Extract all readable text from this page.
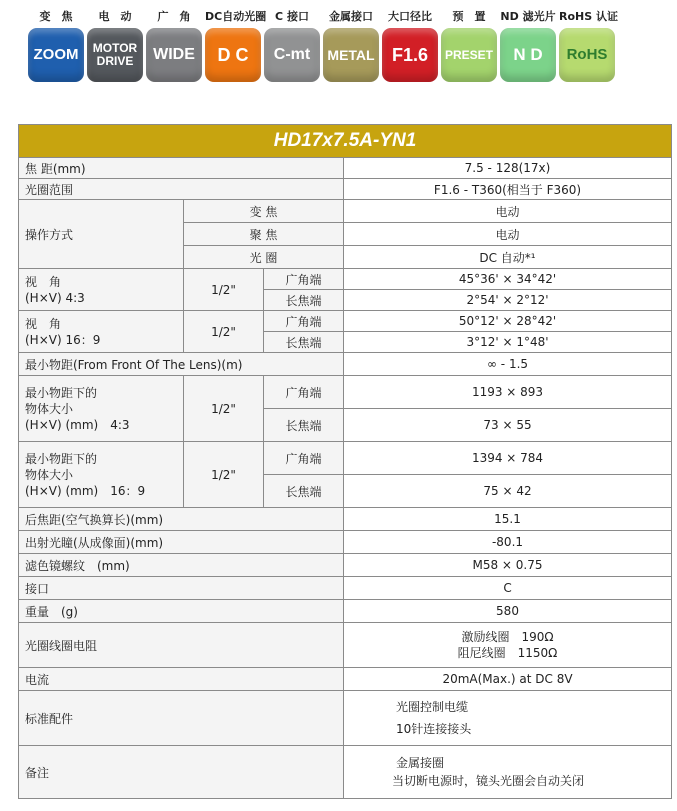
变　焦
ZOOM
电　动
MOTOR DRIVE
广　角
WIDE
DC自动光圈
D C
C 接口
C-mt
金属接口
METAL
大口径比
F1.6
预　置
PRESET
ND 滤光片
N D
RoHS 认证
RoHS
HD17x7.5A-YN1			
焦 距(mm)			7.5 - 128(17x)
光圈范围			F1.6 - T360(相当于 F360)
操作方式	变 焦		电动
	聚 焦		电动
	光 圈		DC 自动*¹

视　角
(H×V) 4:3	1/2"	广角端	45°36' × 34°42'
		长焦端	2°54' × 2°12'

视　角
(H×V) 16：9	1/2"	广角端	50°12' × 28°42'
		长焦端	3°12' × 1°48'
最小物距(From Front Of The Lens)(m)			∞ - 1.5

最小物距下的
物体大小
(H×V) (mm)　4:3	1/2"	广角端	1193 × 893
		长焦端	73 × 55

最小物距下的
物体大小
(H×V) (mm)　16：9	1/2"	广角端	1394 × 784
		长焦端	75 × 42
后焦距(空气换算长)(mm)			15.1
出射光瞳(从成像面)(mm)			-80.1
滤色镜螺纹　(mm)			M58 × 0.75
接口			C
重量　(g)			580
光圈线圈电阻			激励线圈　190Ω
阻尼线圈　1150Ω

电流			20mA(Max.) at DC 8V
标准配件			光圈控制电缆
10针连接接头

备注			金属接圈
当切断电源时，镜头光圈会自动关闭
